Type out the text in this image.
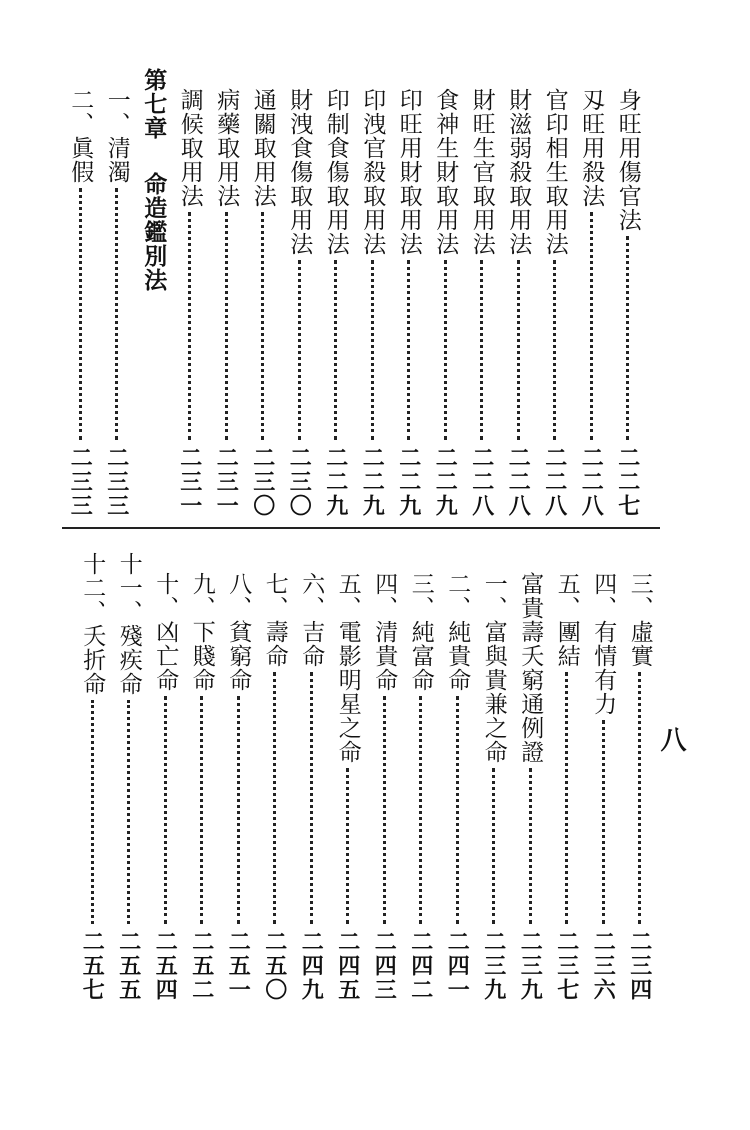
身旺用傷官法
二二七
刄旺用殺法
二二八
官印相生取用法
二二八
財滋弱殺取用法
二二八
財旺生官取用法
二二八
食神生財取用法
二二九
印旺用財取用法
二二九
印洩官殺取用法
二二九
印制食傷取用法
二二九
財洩食傷取用法
二三〇
通關取用法
二三〇
病藥取用法
二三一
調候取用法
二三一
第七章
命造鑑別法
一、清濁
二三三
二、眞假
二三三
三、虛實
二三四
四、有情有力
二三六
五、團結
二三七
富貴壽夭窮通例證
二三九
一、富與貴兼之命
二三九
二、純貴命
二四一
三、純富命
二四二
四、清貴命
二四三
五、電影明星之命
二四五
六、吉命
二四九
七、壽命
二五〇
八、貧窮命
二五一
九、下賤命
二五二
十、凶亡命
二五四
十一、殘疾命
二五五
十二、夭折命
二五七
八
